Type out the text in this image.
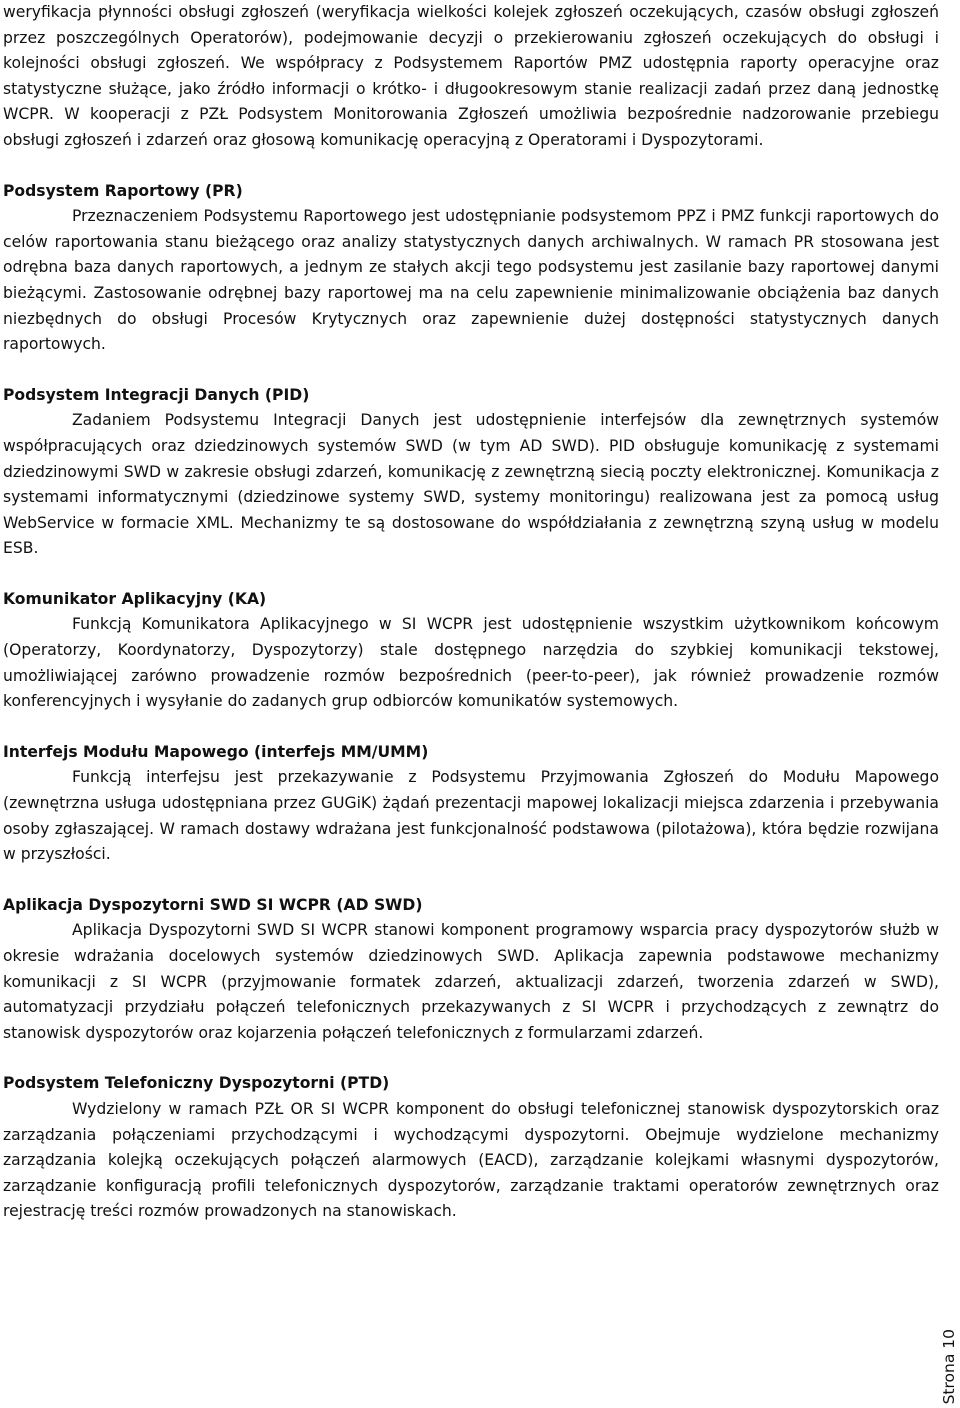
weryfikacja płynności obsługi zgłoszeń (weryfikacja wielkości kolejek zgłoszeń oczekujących, czasów obsługi zgłoszeń przez poszczególnych Operatorów), podejmowanie decyzji o przekierowaniu zgłoszeń oczekujących do obsługi i kolejności obsługi zgłoszeń. We współpracy z Podsystemem Raportów PMZ udostępnia raporty operacyjne oraz statystyczne służące, jako źródło informacji o krótko- i długookresowym stanie realizacji zadań przez daną jednostkę WCPR. W kooperacji z PZŁ Podsystem Monitorowania Zgłoszeń umożliwia bezpośrednie nadzorowanie przebiegu obsługi zgłoszeń i zdarzeń oraz głosową komunikację operacyjną z Operatorami i Dyspozytorami.

Podsystem Raportowy (PR)

Przeznaczeniem Podsystemu Raportowego jest udostępnianie podsystemom PPZ i PMZ funkcji raportowych do celów raportowania stanu bieżącego oraz analizy statystycznych danych archiwalnych. W ramach PR stosowana jest odrębna baza danych raportowych, a jednym ze stałych akcji tego podsystemu jest zasilanie bazy raportowej danymi bieżącymi. Zastosowanie odrębnej bazy raportowej ma na celu zapewnienie minimalizowanie obciążenia baz danych niezbędnych do obsługi Procesów Krytycznych oraz zapewnienie dużej dostępności statystycznych danych raportowych.

Podsystem Integracji Danych (PID)

Zadaniem Podsystemu Integracji Danych jest udostępnienie interfejsów dla zewnętrznych systemów współpracujących oraz dziedzinowych systemów SWD (w tym AD SWD). PID obsługuje komunikację z systemami dziedzinowymi SWD w zakresie obsługi zdarzeń, komunikację z zewnętrzną siecią poczty elektronicznej. Komunikacja z systemami informatycznymi (dziedzinowe systemy SWD, systemy monitoringu) realizowana jest za pomocą usług WebService w formacie XML. Mechanizmy te są dostosowane do współdziałania z zewnętrzną szyną usług w modelu ESB.

Komunikator Aplikacyjny (KA)

Funkcją Komunikatora Aplikacyjnego w SI WCPR jest udostępnienie wszystkim użytkownikom końcowym (Operatorzy, Koordynatorzy, Dyspozytorzy) stale dostępnego narzędzia do szybkiej komunikacji tekstowej, umożliwiającej zarówno prowadzenie rozmów bezpośrednich (peer-to-peer), jak również prowadzenie rozmów konferencyjnych i wysyłanie do zadanych grup odbiorców komunikatów systemowych.

Interfejs Modułu Mapowego (interfejs MM/UMM)

Funkcją interfejsu jest przekazywanie z Podsystemu Przyjmowania Zgłoszeń do Modułu Mapowego (zewnętrzna usługa udostępniana przez GUGiK) żądań prezentacji mapowej lokalizacji miejsca zdarzenia i przebywania osoby zgłaszającej. W ramach dostawy wdrażana jest funkcjonalność podstawowa (pilotażowa), która będzie rozwijana w przyszłości.

Aplikacja Dyspozytorni SWD SI WCPR (AD SWD)

Aplikacja Dyspozytorni SWD SI WCPR stanowi komponent programowy wsparcia pracy dyspozytorów służb w okresie wdrażania docelowych systemów dziedzinowych SWD. Aplikacja zapewnia podstawowe mechanizmy komunikacji z SI WCPR (przyjmowanie formatek zdarzeń, aktualizacji zdarzeń, tworzenia zdarzeń w SWD), automatyzacji przydziału połączeń telefonicznych przekazywanych z SI WCPR i przychodzących z zewnątrz do stanowisk dyspozytorów oraz kojarzenia połączeń telefonicznych z formularzami zdarzeń.

Podsystem Telefoniczny Dyspozytorni (PTD)

Wydzielony w ramach PZŁ OR SI WCPR komponent do obsługi telefonicznej stanowisk dyspozytorskich oraz zarządzania połączeniami przychodzącymi i wychodzącymi dyspozytorni. Obejmuje wydzielone mechanizmy zarządzania kolejką oczekujących połączeń alarmowych (EACD), zarządzanie kolejkami własnymi dyspozytorów, zarządzanie konfiguracją profili telefonicznych dyspozytorów, zarządzanie traktami operatorów zewnętrznych oraz rejestrację treści rozmów prowadzonych na stanowiskach.

Strona 10
